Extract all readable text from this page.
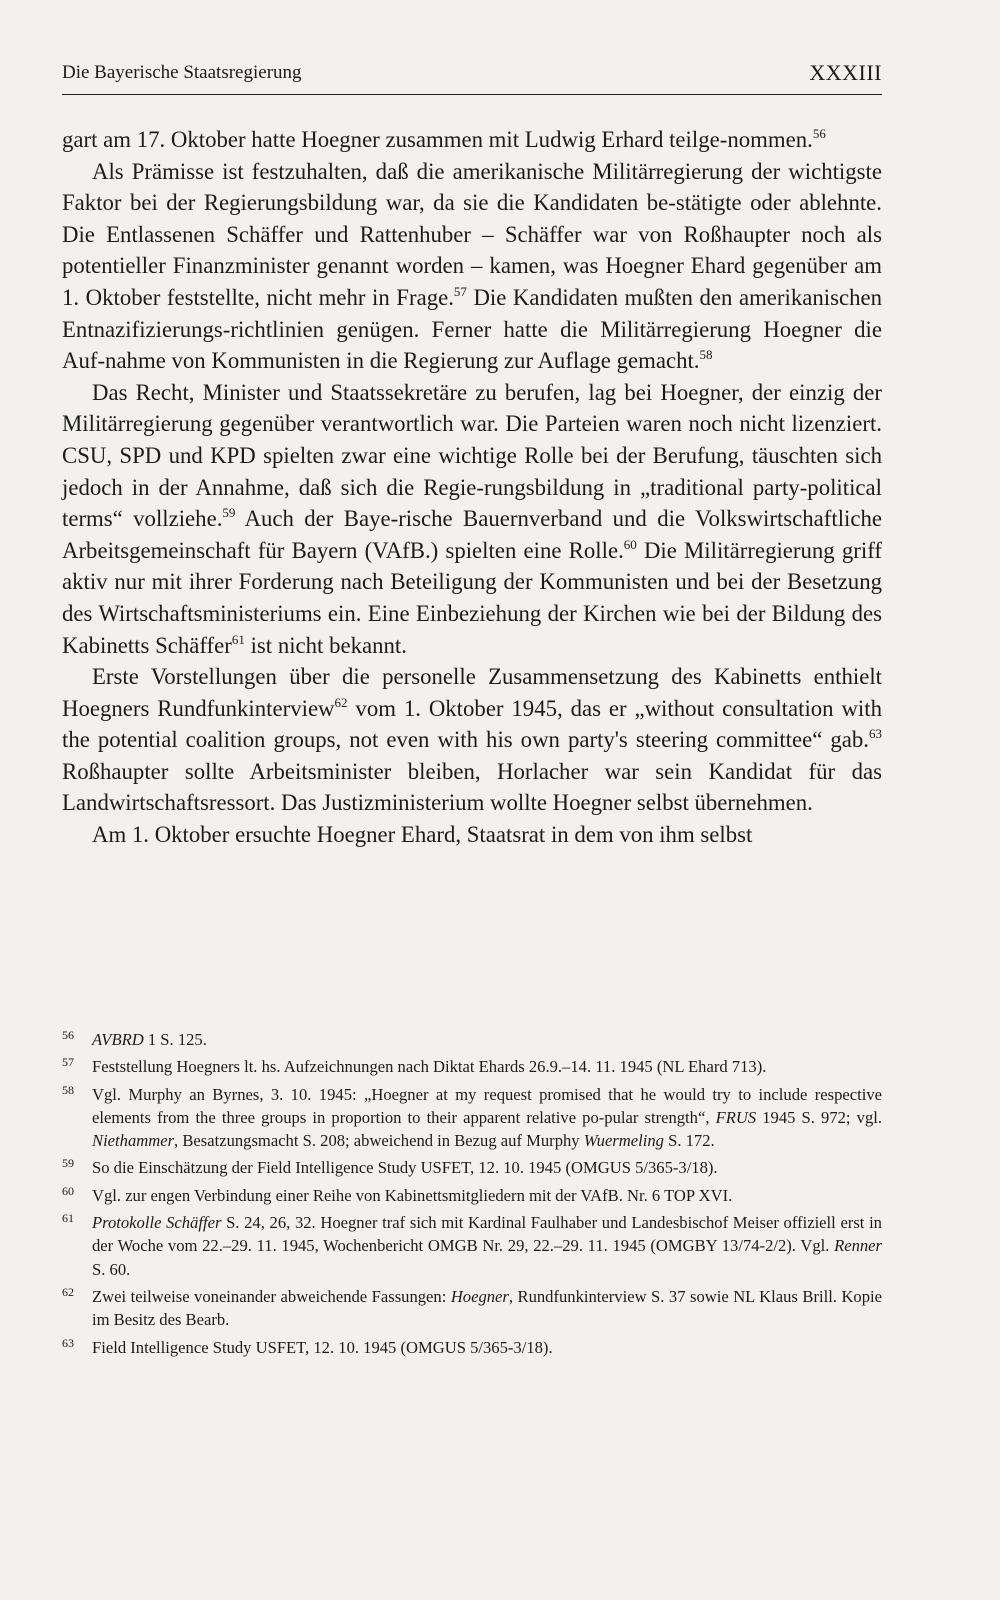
Die Bayerische Staatsregierung	XXXIII

gart am 17. Oktober hatte Hoegner zusammen mit Ludwig Erhard teilge-nommen.$^{56}$

Als Prämisse ist festzuhalten, daß die amerikanische Militärregierung der wichtigste Faktor bei der Regierungsbildung war, da sie die Kandidaten be-stätigte oder ablehnte. Die Entlassenen Schäffer und Rattenhuber – Schäffer war von Roßhaupter noch als potentieller Finanzminister genannt worden – kamen, was Hoegner Ehard gegenüber am 1. Oktober feststellte, nicht mehr in Frage.$^{57}$ Die Kandidaten mußten den amerikanischen Entnazifizierungs-richtlinien genügen. Ferner hatte die Militärregierung Hoegner die Auf-nahme von Kommunisten in die Regierung zur Auflage gemacht.$^{58}$

Das Recht, Minister und Staatssekretäre zu berufen, lag bei Hoegner, der einzig der Militärregierung gegenüber verantwortlich war. Die Parteien waren noch nicht lizenziert. CSU, SPD und KPD spielten zwar eine wichtige Rolle bei der Berufung, täuschten sich jedoch in der Annahme, daß sich die Regie-rungsbildung in „traditional party-political terms“ vollziehe.$^{59}$ Auch der Baye-rische Bauernverband und die Volkswirtschaftliche Arbeitsgemeinschaft für Bayern (VAfB.) spielten eine Rolle.$^{60}$ Die Militärregierung griff aktiv nur mit ihrer Forderung nach Beteiligung der Kommunisten und bei der Besetzung des Wirtschaftsministeriums ein. Eine Einbeziehung der Kirchen wie bei der Bildung des Kabinetts Schäffer$^{61}$ ist nicht bekannt.

Erste Vorstellungen über die personelle Zusammensetzung des Kabinetts enthielt Hoegners Rundfunkinterview$^{62}$ vom 1. Oktober 1945, das er „without consultation with the potential coalition groups, not even with his own party's steering committee“ gab.$^{63}$ Roßhaupter sollte Arbeitsminister bleiben, Horlacher war sein Kandidat für das Landwirtschaftsressort. Das Justizministerium wollte Hoegner selbst übernehmen.

Am 1. Oktober ersuchte Hoegner Ehard, Staatsrat in dem von ihm selbst

56	AVBRD 1 S. 125.
57	Feststellung Hoegners lt. hs. Aufzeichnungen nach Diktat Ehards 26.9.–14. 11. 1945 (NL Ehard 713).
58	Vgl. Murphy an Byrnes, 3. 10. 1945: „Hoegner at my request promised that he would try to include respective elements from the three groups in proportion to their apparent relative po-pular strength“, FRUS 1945 S. 972; vgl. Niethammer, Besatzungsmacht S. 208; abweichend in Bezug auf Murphy Wuermeling S. 172.
59	So die Einschätzung der Field Intelligence Study USFET, 12. 10. 1945 (OMGUS 5/365-3/18).
60	Vgl. zur engen Verbindung einer Reihe von Kabinettsmitgliedern mit der VAfB. Nr. 6 TOP XVI.
61	Protokolle Schäffer S. 24, 26, 32. Hoegner traf sich mit Kardinal Faulhaber und Landesbischof Meiser offiziell erst in der Woche vom 22.–29. 11. 1945, Wochenbericht OMGB Nr. 29, 22.–29. 11. 1945 (OMGBY 13/74-2/2). Vgl. Renner S. 60.
62	Zwei teilweise voneinander abweichende Fassungen: Hoegner, Rundfunkinterview S. 37 sowie NL Klaus Brill. Kopie im Besitz des Bearb.
63	Field Intelligence Study USFET, 12. 10. 1945 (OMGUS 5/365-3/18).
